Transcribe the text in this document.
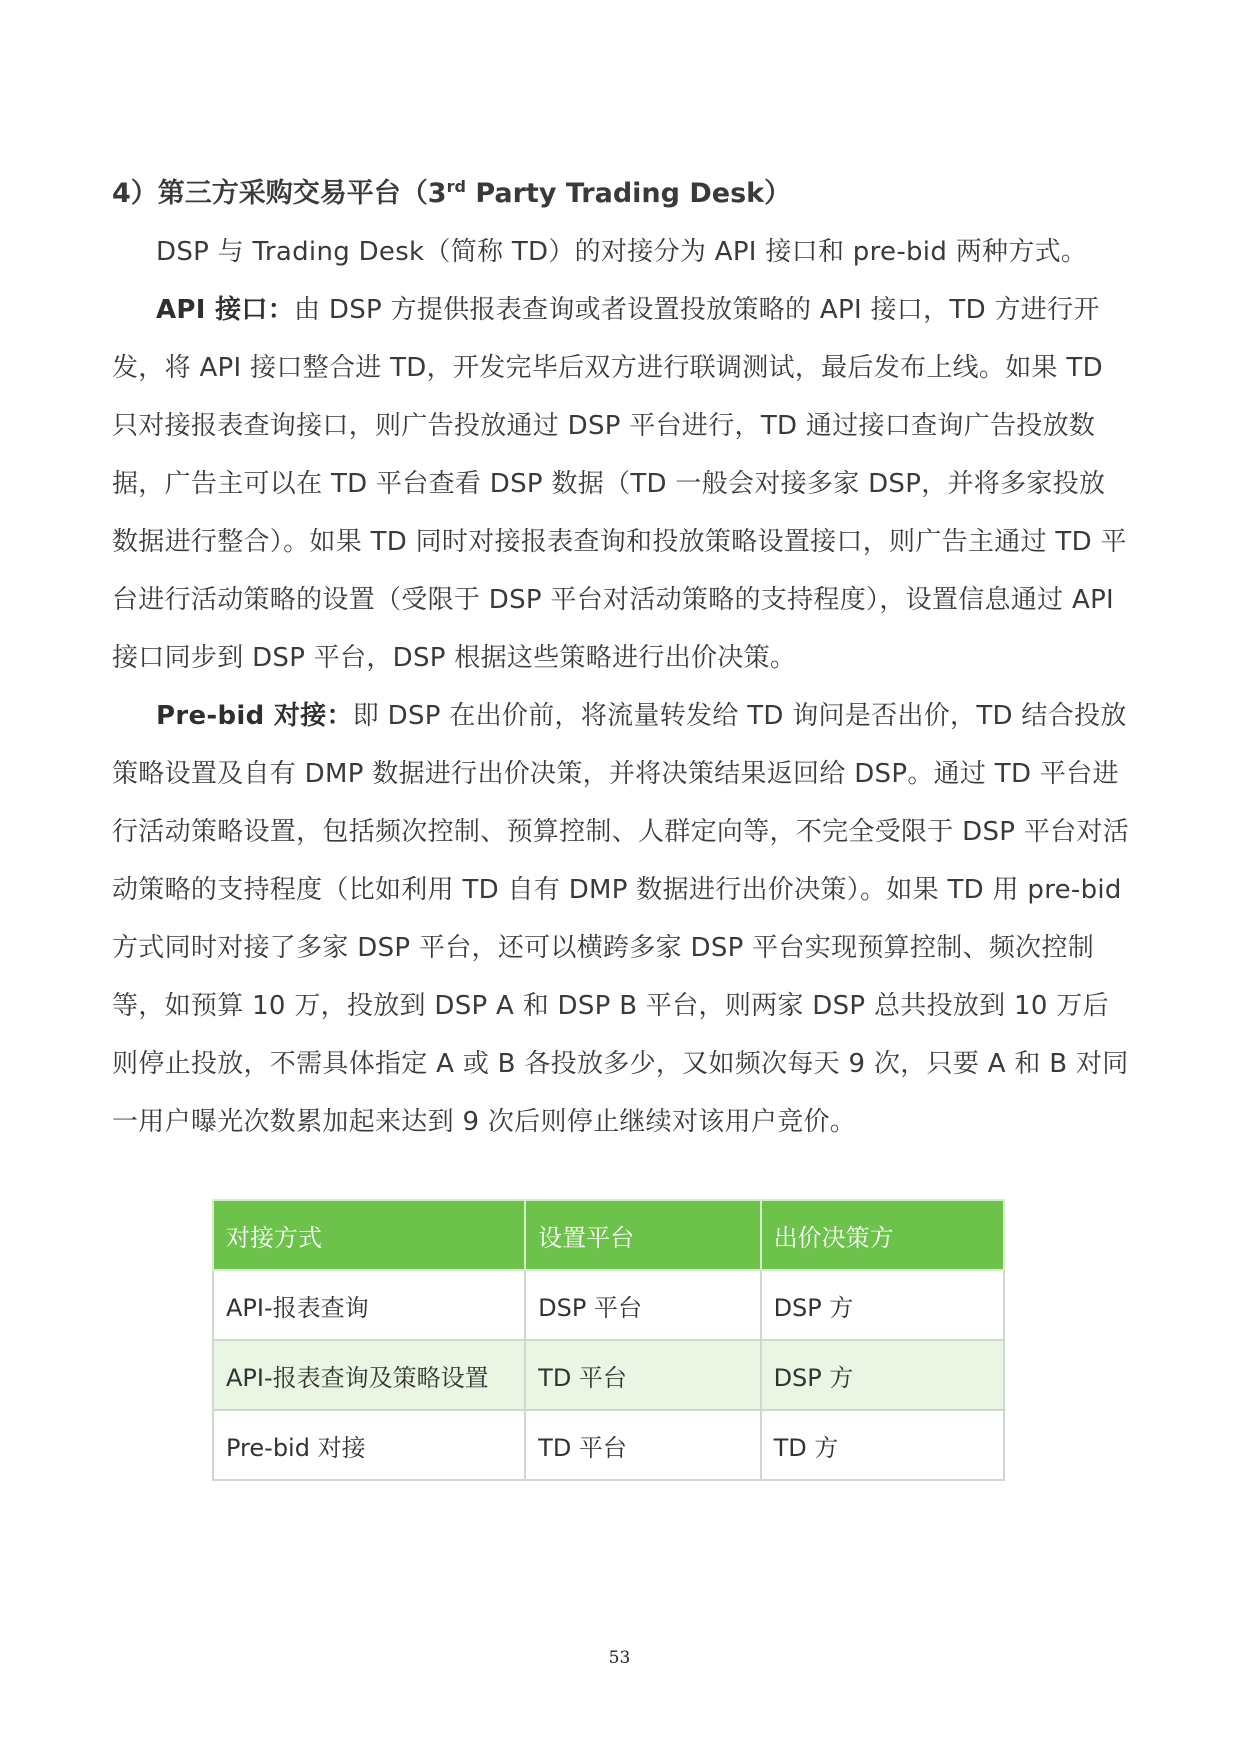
4）第三方采购交易平台（3rd Party Trading Desk）

DSP 与 Trading Desk（简称 TD）的对接分为 API 接口和 pre-bid 两种方式。

API 接口：由 DSP 方提供报表查询或者设置投放策略的 API 接口，TD 方进行开发，将 API 接口整合进 TD，开发完毕后双方进行联调测试，最后发布上线。如果 TD 只对接报表查询接口，则广告投放通过 DSP 平台进行，TD 通过接口查询广告投放数据，广告主可以在 TD 平台查看 DSP 数据（TD 一般会对接多家 DSP，并将多家投放数据进行整合）。如果 TD 同时对接报表查询和投放策略设置接口，则广告主通过 TD 平台进行活动策略的设置（受限于 DSP 平台对活动策略的支持程度），设置信息通过 API 接口同步到 DSP 平台，DSP 根据这些策略进行出价决策。

Pre-bid 对接：即 DSP 在出价前，将流量转发给 TD 询问是否出价，TD 结合投放策略设置及自有 DMP 数据进行出价决策，并将决策结果返回给 DSP。通过 TD 平台进行活动策略设置，包括频次控制、预算控制、人群定向等，不完全受限于 DSP 平台对活动策略的支持程度（比如利用 TD 自有 DMP 数据进行出价决策）。如果 TD 用 pre-bid 方式同时对接了多家 DSP 平台，还可以横跨多家 DSP 平台实现预算控制、频次控制等，如预算 10 万，投放到 DSP A 和 DSP B 平台，则两家 DSP 总共投放到 10 万后则停止投放，不需具体指定 A 或 B 各投放多少，又如频次每天 9 次，只要 A 和 B 对同一用户曝光次数累加起来达到 9 次后则停止继续对该用户竞价。

对接方式	设置平台	出价决策方
API-报表查询	DSP 平台	DSP 方
API-报表查询及策略设置	TD 平台	DSP 方
Pre-bid 对接	TD 平台	TD 方
53
